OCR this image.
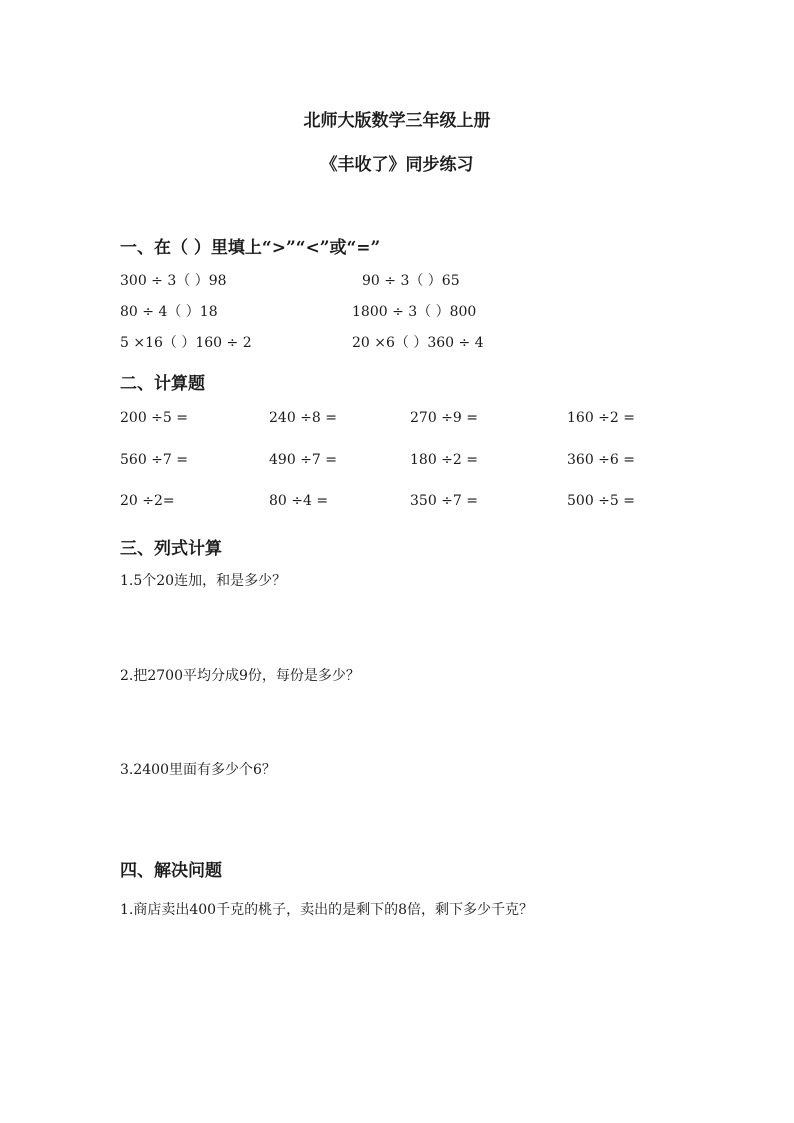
北师大版数学三年级上册
《丰收了》同步练习
一、在（ ）里填上“>”“<”或“=”
300 ÷ 3（ ）98	90 ÷ 3（ ）65
80 ÷ 4（ ）18	1800 ÷ 3（ ）800
5 ×16（ ）160 ÷ 2	20 ×6（ ）360 ÷ 4
二、计算题
200 ÷5 =	240 ÷8 =	270 ÷9 =	160 ÷2 =
560 ÷7 =	490 ÷7 =	180 ÷2 =	360 ÷6 =
20 ÷2=	80 ÷4 =	350 ÷7 =	500 ÷5 =
三、列式计算
1.5个20连加，和是多少？
2.把2700平均分成9份，每份是多少？
3.2400里面有多少个6？
四、解决问题
1.商店卖出400千克的桃子，卖出的是剩下的8倍，剩下多少千克？
